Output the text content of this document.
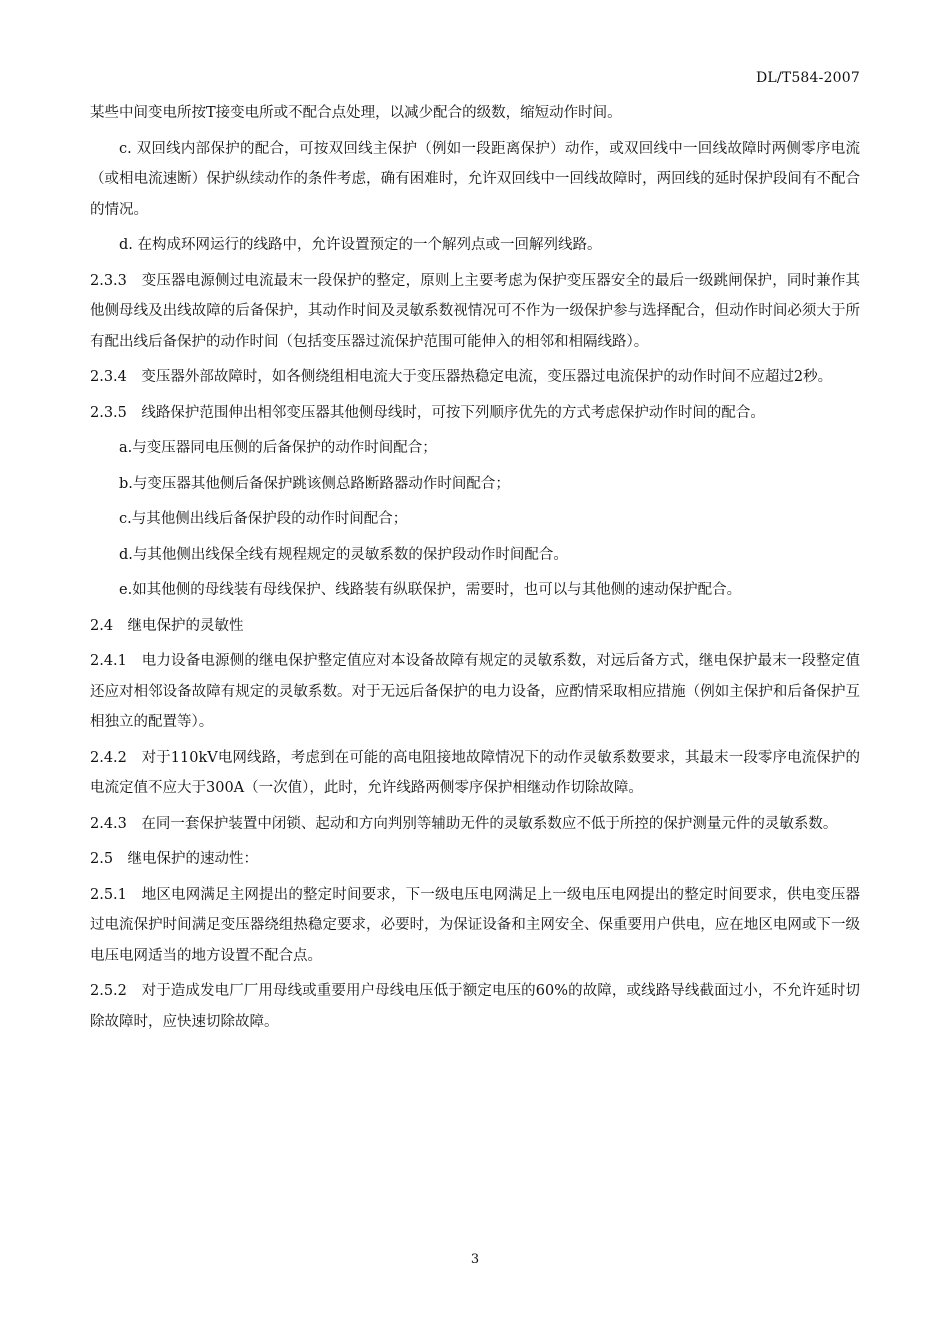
DL/T584-2007

某些中间变电所按T接变电所或不配合点处理，以减少配合的级数，缩短动作时间。

c. 双回线内部保护的配合，可按双回线主保护（例如一段距离保护）动作，或双回线中一回线故障时两侧零序电流（或相电流速断）保护纵续动作的条件考虑，确有困难时，允许双回线中一回线故障时，两回线的延时保护段间有不配合的情况。

d. 在构成环网运行的线路中，允许设置预定的一个解列点或一回解列线路。

2.3.3　变压器电源侧过电流最末一段保护的整定，原则上主要考虑为保护变压器安全的最后一级跳闸保护，同时兼作其他侧母线及出线故障的后备保护，其动作时间及灵敏系数视情况可不作为一级保护参与选择配合，但动作时间必须大于所有配出线后备保护的动作时间（包括变压器过流保护范围可能伸入的相邻和相隔线路）。

2.3.4　变压器外部故障时，如各侧绕组相电流大于变压器热稳定电流，变压器过电流保护的动作时间不应超过2秒。

2.3.5　线路保护范围伸出相邻变压器其他侧母线时，可按下列顺序优先的方式考虑保护动作时间的配合。

a.与变压器同电压侧的后备保护的动作时间配合；

b.与变压器其他侧后备保护跳该侧总路断路器动作时间配合；

c.与其他侧出线后备保护段的动作时间配合；

d.与其他侧出线保全线有规程规定的灵敏系数的保护段动作时间配合。

e.如其他侧的母线装有母线保护、线路装有纵联保护，需要时，也可以与其他侧的速动保护配合。

2.4　继电保护的灵敏性

2.4.1　电力设备电源侧的继电保护整定值应对本设备故障有规定的灵敏系数，对远后备方式，继电保护最末一段整定值还应对相邻设备故障有规定的灵敏系数。对于无远后备保护的电力设备，应酌情采取相应措施（例如主保护和后备保护互相独立的配置等）。

2.4.2　对于110kV电网线路，考虑到在可能的高电阻接地故障情况下的动作灵敏系数要求，其最末一段零序电流保护的电流定值不应大于300A（一次值），此时，允许线路两侧零序保护相继动作切除故障。

2.4.3　在同一套保护装置中闭锁、起动和方向判别等辅助无件的灵敏系数应不低于所控的保护测量元件的灵敏系数。

2.5　继电保护的速动性：

2.5.1　地区电网满足主网提出的整定时间要求，下一级电压电网满足上一级电压电网提出的整定时间要求，供电变压器过电流保护时间满足变压器绕组热稳定要求，必要时，为保证设备和主网安全、保重要用户供电，应在地区电网或下一级电压电网适当的地方设置不配合点。

2.5.2　对于造成发电厂厂用母线或重要用户母线电压低于额定电压的60%的故障，或线路导线截面过小，不允许延时切除故障时，应快速切除故障。

3
